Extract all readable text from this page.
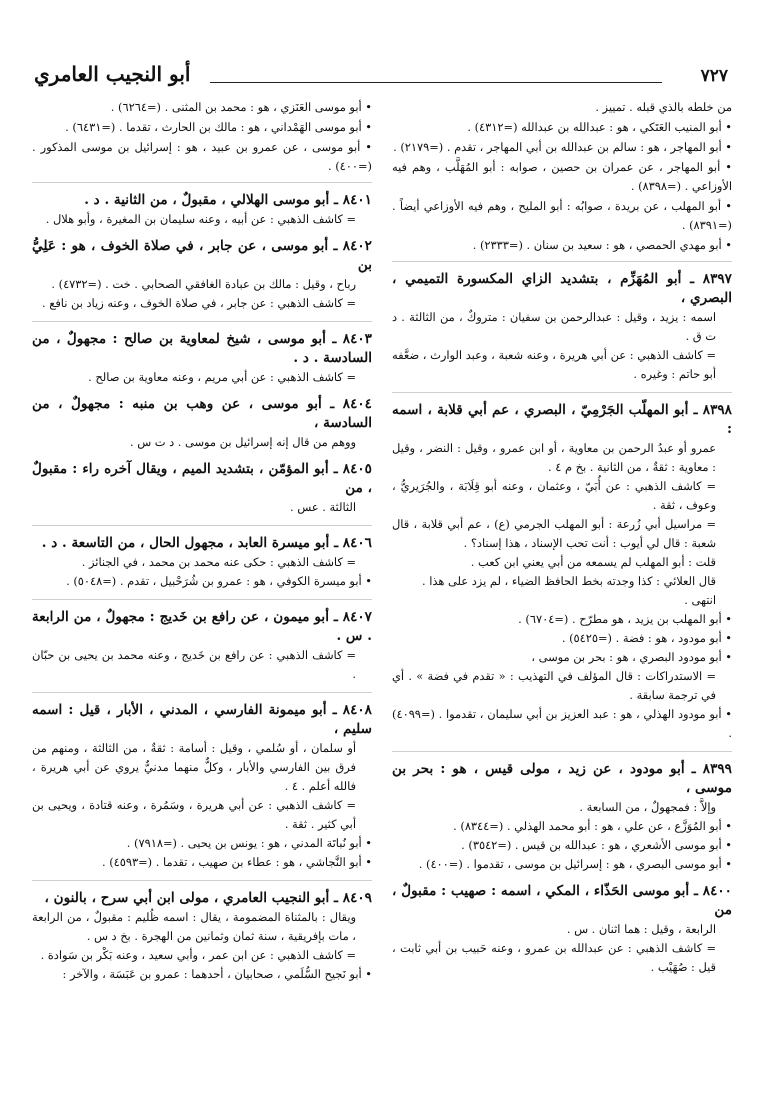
٧٢٧
أبو النجيب العامري

من خلطه بالذي قبله . تمييز .

• أبو المنيب العَتَكي ، هو : عبدالله بن عبدالله (=٤٣١٢) .

• أبو المهاجر ، هو : سالم بن عبدالله بن أبي المهاجر ، تقدم . (=٢١٧٩) .

• أبو المهاجر ، عن عمران بن حصين ، صوابه : أبو المُهَلَّب ، وهم فيه الأوزاعي . (=٨٣٩٨) .

• أبو المهلب ، عن بريدة ، صوابُه : أبو المليح ، وهم فيه الأوزاعي أيضاً . (=٨٣٩١) .

• أبو مهدي الحمصي ، هو : سعيد بن سنان . (=٢٣٣٣) .

٨٣٩٧ ـ أبو المُهَزِّم ، بتشديد الزاي المكسورة التميمي ، البصري ،

اسمه : يزيد ، وقيل : عبدالرحمن بن سفيان : متروكٌ ، من الثالثة . د ت ق .

= كاشف الذهبي : عن أبي هريرة ، وعنه شعبة ، وعبد الوارث ، ضعَّفه أبو حاتم : وغيره .

٨٣٩٨ ـ أبو المهلّب الجَرْمِيّ ، البصري ، عم أبي قلابة ، اسمه :

عمرو أو عبدُ الرحمن بن معاوية ، أو ابن عمرو ، وقيل : النضر ، وقيل : معاوية : ثقةٌ ، من الثانية . بخ م ٤ .

= كاشف الذهبي : عن أُبَيّ ، وعثمان ، وعنه أبو قِلَابَة ، والجُرَيريُّ ، وعوف ، ثقة .

= مراسيل أبي زُرعة : أبو المهلب الجرمي (ع) ، عم أبي قلابة ، قال شعبة : قال لي أيوب : أنت تحب الإسناد ، هذا إسناد؟ .

قلت : أبو المهلب لم يسمعه من أبي يعني ابن كعب .

قال العلائي : كذا وجدته بخط الحافظ الضياء ، لم يزد على هذا .

انتهى .

• أبو المهلب بن يزيد ، هو مطرّح . (=٦٧٠٤) .

• أبو مودود ، هو : فضة . (=٥٤٢٥) .

• أبو مودود البصري ، هو : بحر بن موسى ،

= الاستدراكات : قال المؤلف في التهذيب : « تقدم في فضة » . أي في ترجمة سابقة .

• أبو مودود الهذلي ، هو : عبد العزيز بن أبي سليمان ، تقدموا . (=٤٠٩٩) .

٨٣٩٩ ـ أبو مودود ، عن زيد ، مولى قيس ، هو : بحر بن موسى ،

وإلاَّ : فمجهولٌ ، من السابعة .

• أبو المُوَزَّع ، عن علي ، هو : أبو محمد الهذلي . (=٨٣٤٤) .

• أبو موسى الأشعري ، هو : عبدالله بن قيس . (=٣٥٤٢) .

• أبو موسى البصري ، هو : إسرائيل بن موسى ، تقدموا . (=٤٠٠) .

٨٤٠٠ ـ أبو موسى الحَذّاء ، المكي ، اسمه : صهيب : مقبولٌ ، من

الرابعة ، وقيل : هما اثنان . س .

= كاشف الذهبي : عن عبدالله بن عمرو ، وعنه حَبيب بن أبي ثابت ، قيل : صُهَيْب .

• أبو موسى العَنَزي ، هو : محمد بن المثنى . (=٦٢٦٤) .

• أبو موسى الهَمْداني ، هو : مالك بن الحارث ، تقدما . (=٦٤٣١) .

• أبو موسى ، عن عمرو بن عبيد ، هو : إسرائيل بن موسى المذكور . (=٤٠٠) .

٨٤٠١ ـ أبو موسى الهلالي ، مقبولٌ ، من الثانية . د .

= كاشف الذهبي : عن أبيه ، وعنه سليمان بن المغيرة ، وأبو هلال .

٨٤٠٢ ـ أبو موسى ، عن جابر ، في صلاة الخوف ، هو : عَلِيُّ بن

رباح ، وقيل : مالك بن عبادة الغافقي الصحابي . خت . (=٤٧٣٢) .

= كاشف الذهبي : عن جابر ، في صلاة الخوف ، وعنه زياد بن نافع .

٨٤٠٣ ـ أبو موسى ، شيخ لمعاوية بن صالح : مجهولٌ ، من السادسة . د .

= كاشف الذهبي : عن أبي مريم ، وعنه معاوية بن صالح .

٨٤٠٤ ـ أبو موسى ، عن وهب بن منبه : مجهولٌ ، من السادسة ،

ووهم من قال إنه إسرائيل بن موسى . د ت س .

٨٤٠٥ ـ أبو المؤمّن ، بتشديد الميم ، ويقال آخره راء : مقبولٌ ، من

الثالثة . عس .

٨٤٠٦ ـ أبو ميسرة العابد ، مجهول الحال ، من التاسعة . د .

= كاشف الذهبي : حكى عنه محمد بن محمد ، في الجنائز .

• أبو ميسرة الكوفي ، هو : عمرو بن شُرَحْبيل ، تقدم . (=٥٠٤٨) .

٨٤٠٧ ـ أبو ميمون ، عن رافع بن خَديج : مجهولٌ ، من الرابعة . س .

= كاشف الذهبي : عن رافع بن خَديج ، وعنه محمد بن يحيى بن حبّان .

٨٤٠٨ ـ أبو ميمونة الفارسي ، المدني ، الأبار ، قيل : اسمه سليم ،

أو سلمان ، أو سُلمي ، وقيل : أسامة : ثقةٌ ، من الثالثة ، ومنهم من فرق بين الفارسي والأبار ، وكلٌّ منهما مدنيٌّ يروي عن أبي هريرة ، فالله أعلم . ٤ .

= كاشف الذهبي : عن أبي هريرة ، وسَمُرة ، وعنه قتادة ، ويحيى بن أبي كثير . ثقة .

• أبو نُباتَة المدني ، هو : يونس بن يحيى . (=٧٩١٨) .

• أبو النَّجاشي ، هو : عطاء بن صهيب ، تقدما . (=٤٥٩٣) .

٨٤٠٩ ـ أبو النجيب العامري ، مولى ابن أبي سرح ، بالنون ،

ويقال : بالمثناة المضمومة ، يقال : اسمه ظُليم : مقبولٌ ، من الرابعة ، مات بإفريقية ، سنة ثمان وثمانين من الهجرة . بخ د س .

= كاشف الذهبي : عن ابن عمر ، وأبي سعيد ، وعنه بَكْر بن سَوادة .

• أبو نَجيح السُّلَمي ، صحابيان ، أحدهما : عمرو بن عَبَسَة ، والآخر :
